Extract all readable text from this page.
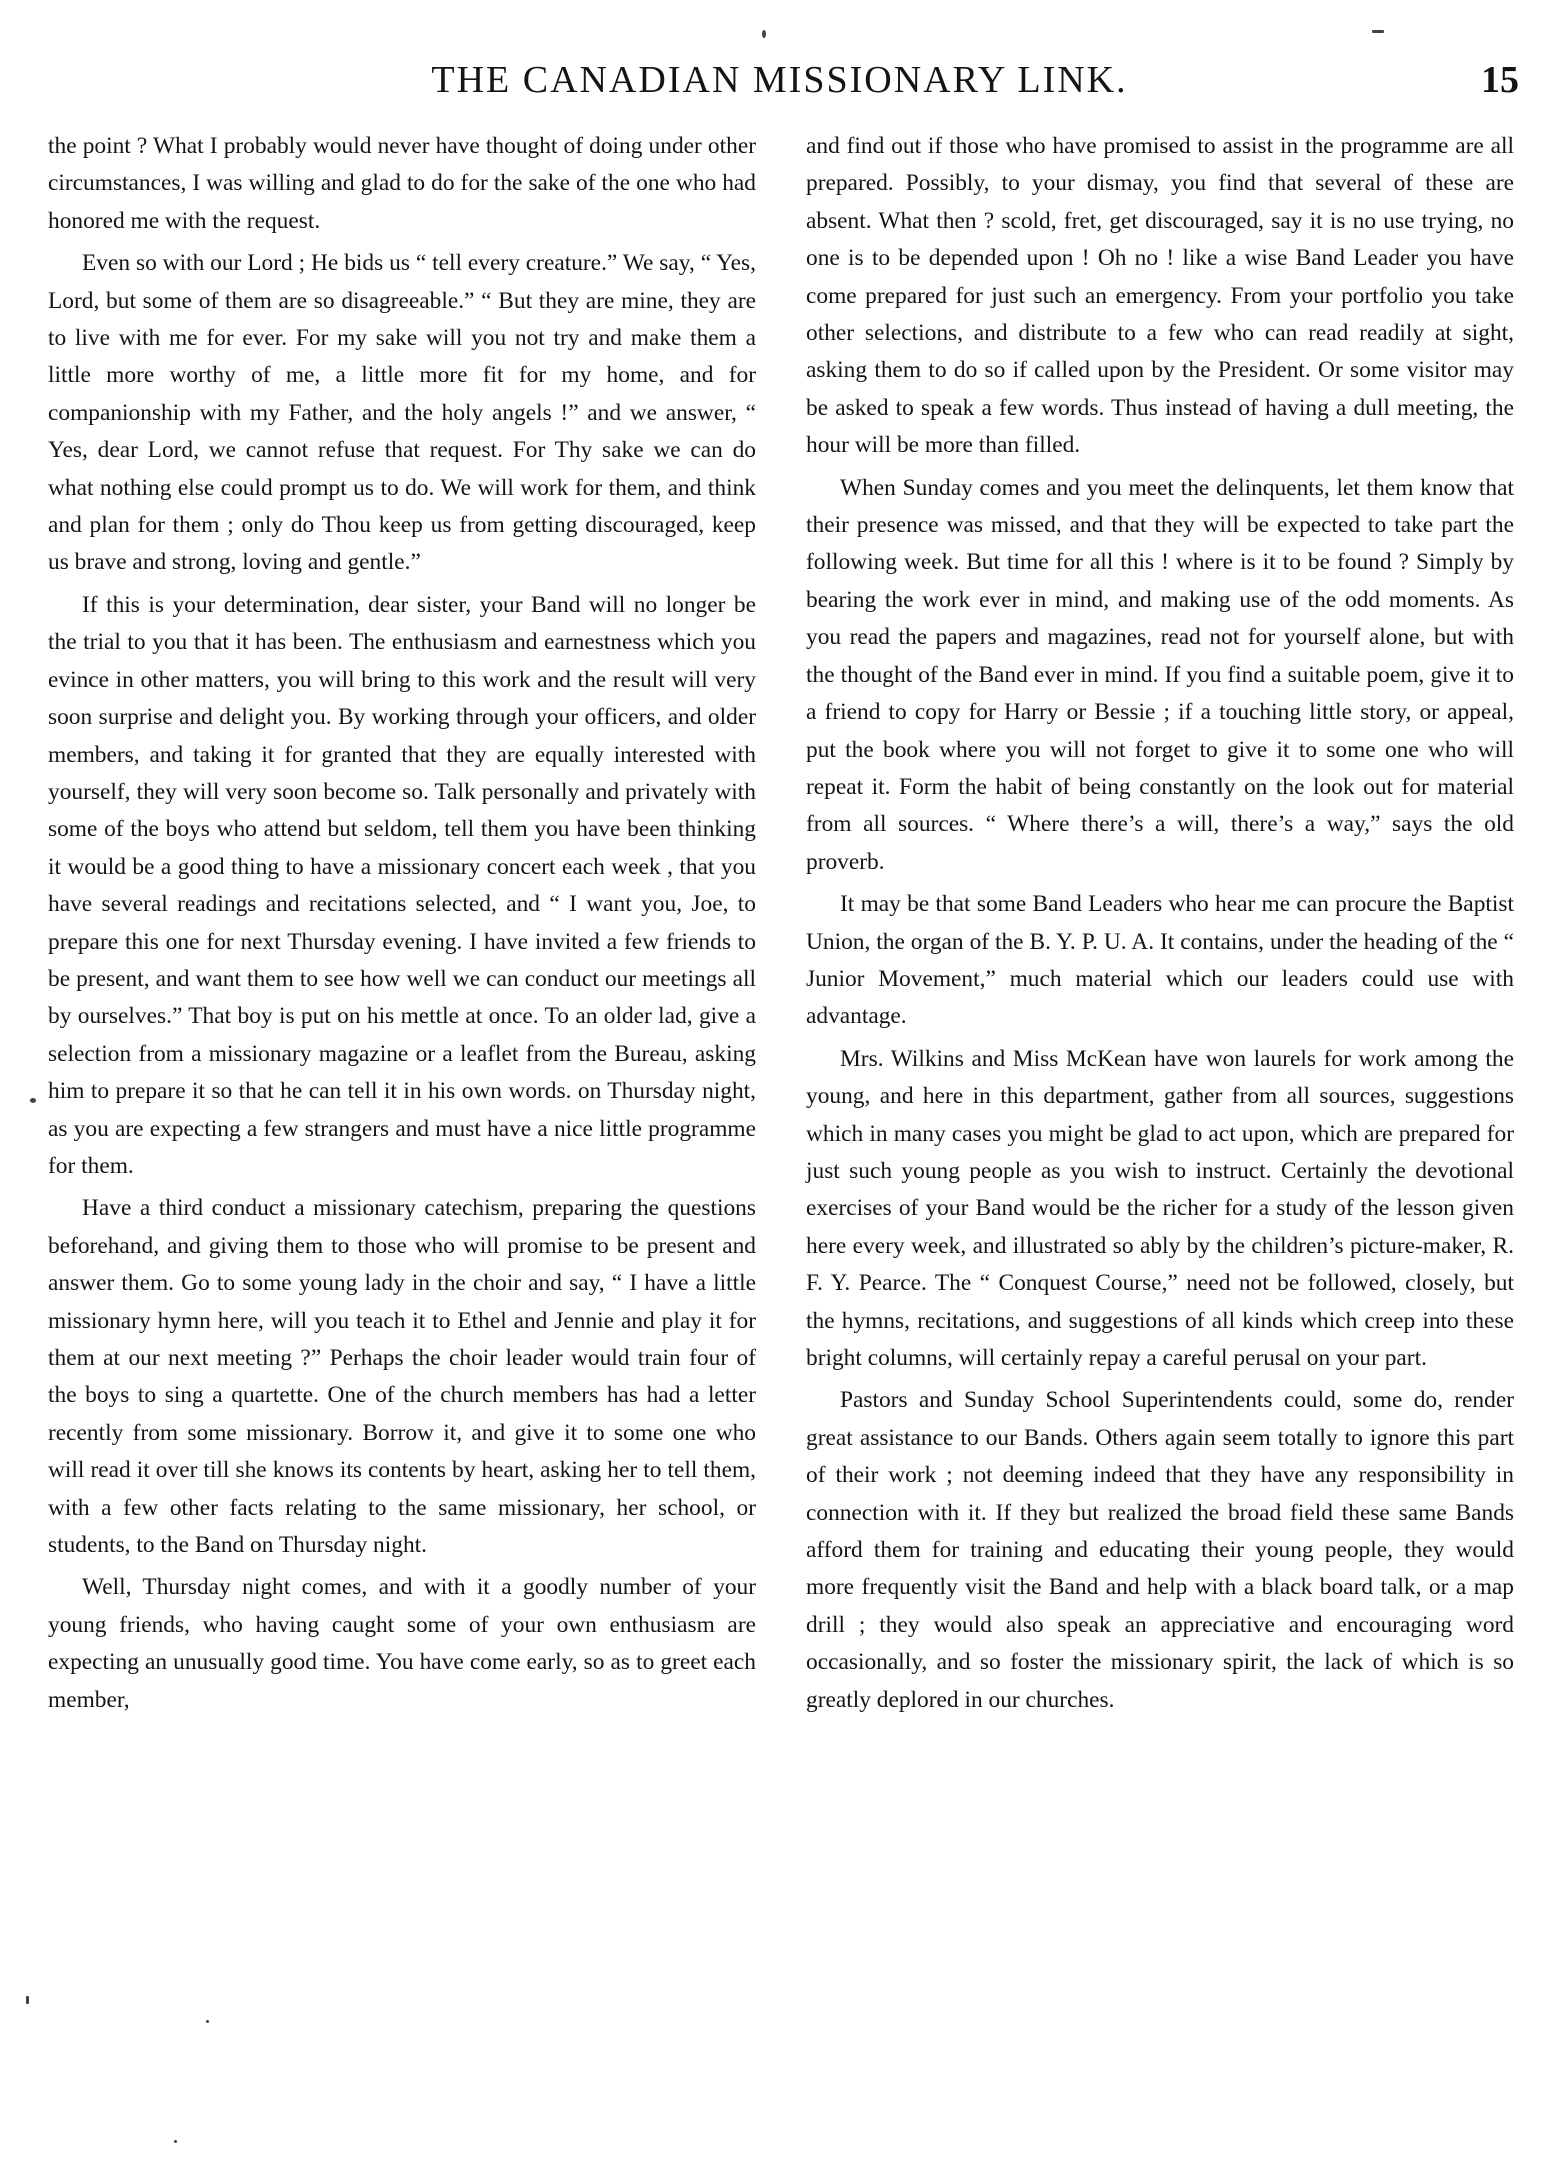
THE CANADIAN MISSIONARY LINK.	15

the point ? What I probably would never have thought of doing under other circumstances, I was willing and glad to do for the sake of the one who had honored me with the request.

Even so with our Lord ; He bids us “ tell every creature.” We say, “ Yes, Lord, but some of them are so disagreeable.” “ But they are mine, they are to live with me for ever. For my sake will you not try and make them a little more worthy of me, a little more fit for my home, and for companionship with my Father, and the holy angels !” and we answer, “ Yes, dear Lord, we cannot refuse that request. For Thy sake we can do what nothing else could prompt us to do. We will work for them, and think and plan for them ; only do Thou keep us from getting discouraged, keep us brave and strong, loving and gentle.”

If this is your determination, dear sister, your Band will no longer be the trial to you that it has been. The enthusiasm and earnestness which you evince in other matters, you will bring to this work and the result will very soon surprise and delight you. By working through your officers, and older members, and taking it for granted that they are equally interested with yourself, they will very soon become so. Talk personally and privately with some of the boys who attend but seldom, tell them you have been thinking it would be a good thing to have a missionary concert each week , that you have several readings and recitations selected, and “ I want you, Joe, to prepare this one for next Thursday evening. I have invited a few friends to be present, and want them to see how well we can conduct our meetings all by ourselves.” That boy is put on his mettle at once. To an older lad, give a selection from a missionary magazine or a leaflet from the Bureau, asking him to prepare it so that he can tell it in his own words. on Thursday night, as you are expecting a few strangers and must have a nice little programme for them.

Have a third conduct a missionary catechism, preparing the questions beforehand, and giving them to those who will promise to be present and answer them. Go to some young lady in the choir and say, “ I have a little missionary hymn here, will you teach it to Ethel and Jennie and play it for them at our next meeting ?” Perhaps the choir leader would train four of the boys to sing a quartette. One of the church members has had a letter recently from some missionary. Borrow it, and give it to some one who will read it over till she knows its contents by heart, asking her to tell them, with a few other facts relating to the same missionary, her school, or students, to the Band on Thursday night.

Well, Thursday night comes, and with it a goodly number of your young friends, who having caught some of your own enthusiasm are expecting an unusually good time. You have come early, so as to greet each member,

and find out if those who have promised to assist in the programme are all prepared. Possibly, to your dismay, you find that several of these are absent. What then ? scold, fret, get discouraged, say it is no use trying, no one is to be depended upon ! Oh no ! like a wise Band Leader you have come prepared for just such an emergency. From your portfolio you take other selections, and distribute to a few who can read readily at sight, asking them to do so if called upon by the President. Or some visitor may be asked to speak a few words. Thus instead of having a dull meeting, the hour will be more than filled.

When Sunday comes and you meet the delinquents, let them know that their presence was missed, and that they will be expected to take part the following week. But time for all this ! where is it to be found ? Simply by bearing the work ever in mind, and making use of the odd moments. As you read the papers and magazines, read not for yourself alone, but with the thought of the Band ever in mind. If you find a suitable poem, give it to a friend to copy for Harry or Bessie ; if a touching little story, or appeal, put the book where you will not forget to give it to some one who will repeat it. Form the habit of being constantly on the look out for material from all sources. “ Where there’s a will, there’s a way,” says the old proverb.

It may be that some Band Leaders who hear me can procure the Baptist Union, the organ of the B. Y. P. U. A. It contains, under the heading of the “ Junior Movement,” much material which our leaders could use with advantage.

Mrs. Wilkins and Miss McKean have won laurels for work among the young, and here in this department, gather from all sources, suggestions which in many cases you might be glad to act upon, which are prepared for just such young people as you wish to instruct. Certainly the devotional exercises of your Band would be the richer for a study of the lesson given here every week, and illustrated so ably by the children’s picture-maker, R. F. Y. Pearce. The “ Conquest Course,” need not be followed, closely, but the hymns, recitations, and suggestions of all kinds which creep into these bright columns, will certainly repay a careful perusal on your part.

Pastors and Sunday School Superintendents could, some do, render great assistance to our Bands. Others again seem totally to ignore this part of their work ; not deeming indeed that they have any responsibility in connection with it. If they but realized the broad field these same Bands afford them for training and educating their young people, they would more frequently visit the Band and help with a black board talk, or a map drill ; they would also speak an appreciative and encouraging word occasionally, and so foster the missionary spirit, the lack of which is so greatly deplored in our churches.
